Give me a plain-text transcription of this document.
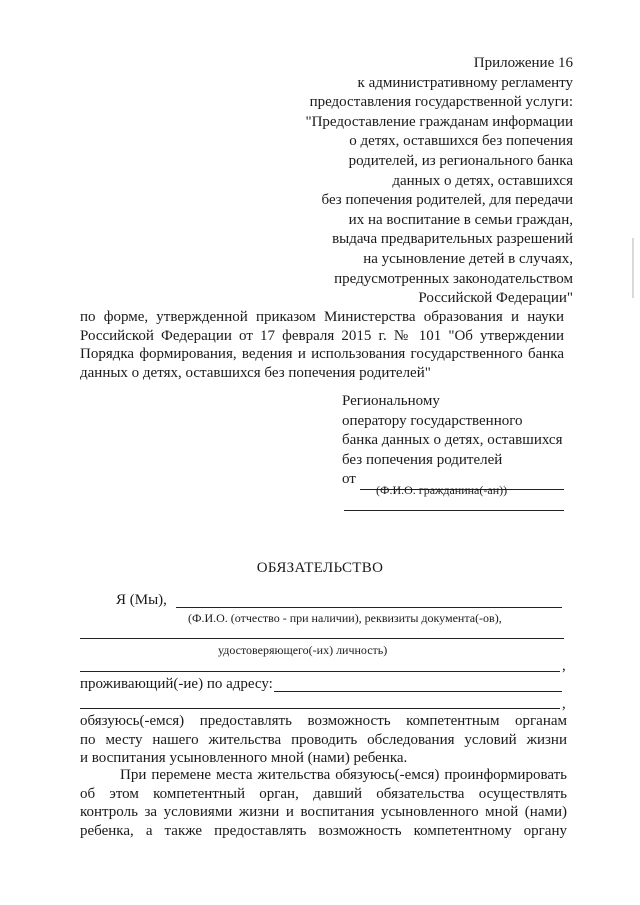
Приложение 16
к административному регламенту
предоставления государственной услуги:
"Предоставление гражданам информации
о детях, оставшихся без попечения
родителей, из регионального банка
данных о детях, оставшихся
без попечения родителей, для передачи
их на воспитание в семьи граждан,
выдача предварительных разрешений
на усыновление детей в случаях,
предусмотренных законодательством
Российской Федерации"
по форме, утвержденной приказом Министерства образования и науки
Российской Федерации от 17 февраля 2015 г. № 101 "Об утверждении
Порядка формирования, ведения и использования государственного банка
данных о детях, оставшихся без попечения родителей"
Региональному
оператору государственного
банка данных о детях, оставшихся
без попечения родителей
от
(Ф.И.О. гражданина(-ан))
ОБЯЗАТЕЛЬСТВО
Я (Мы),
(Ф.И.О. (отчество - при наличии), реквизиты документа(-ов),
удостоверяющего(-их) личность)
,
проживающий(-ие) по адресу:
,
обязуюсь(-емся) предоставлять возможность компетентным органам
по месту нашего жительства проводить обследования условий жизни
и воспитания усыновленного мной (нами) ребенка.
При перемене места жительства обязуюсь(-емся) проинформировать
об этом компетентный орган, давший обязательства осуществлять
контроль за условиями жизни и воспитания усыновленного мной (нами)
ребенка, а также предоставлять возможность компетентному органу
